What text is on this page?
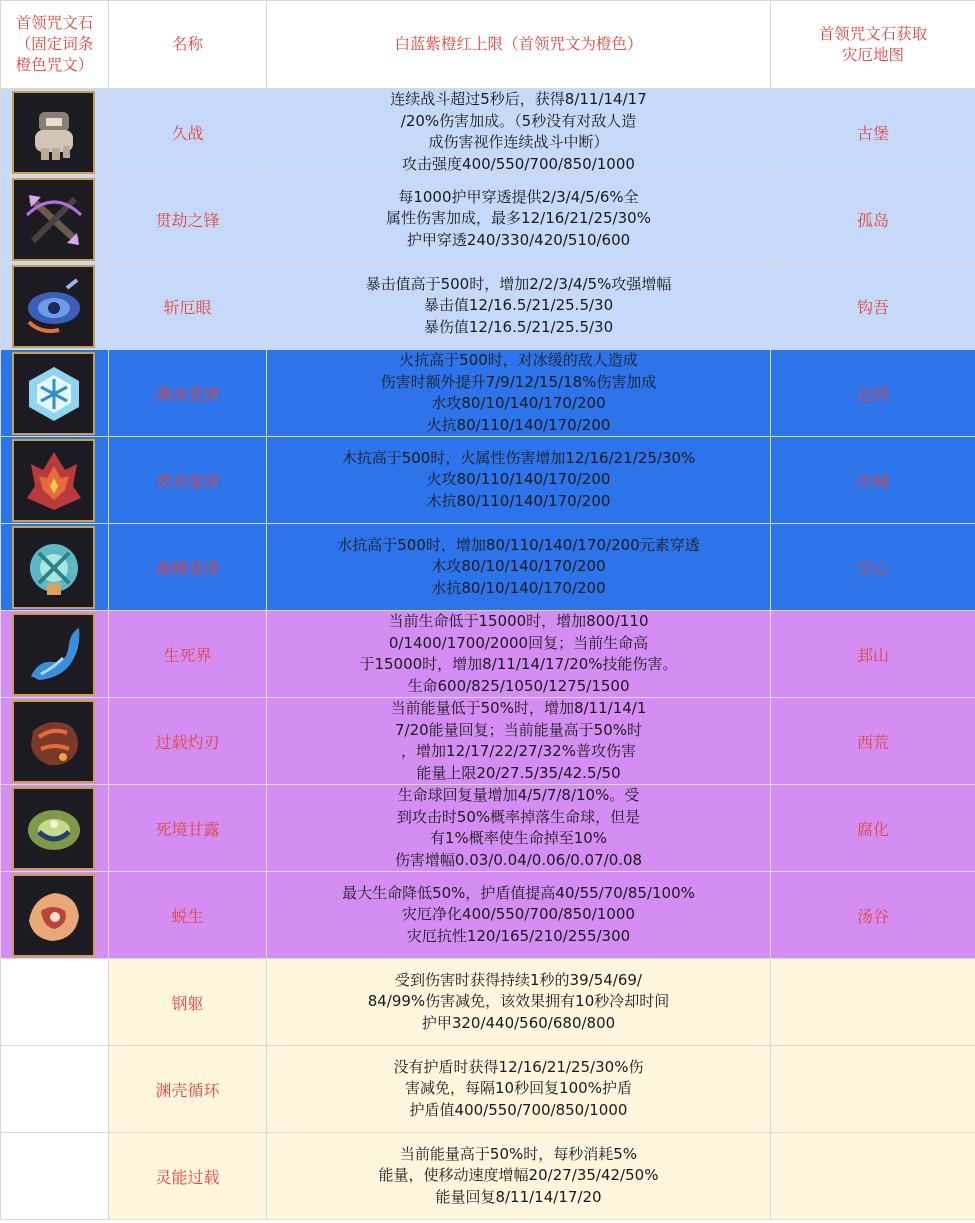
首领咒文石
（固定词条
橙色咒文）	名称	白蓝紫橙红上限（首领咒文为橙色）	首领咒文石获取
灾厄地图

	久战	连续战斗超过5秒后，获得8/11/14/17
/20%伤害加成。（5秒没有对敌人造
成伤害视作连续战斗中断）
攻击强度400/550/700/850/1000	古堡

	贯劫之锋	每1000护甲穿透提供2/3/4/5/6%全
属性伤害加成，最多12/16/21/25/30%
护甲穿透240/330/420/510/600	孤岛

	斩厄眼	暴击值高于500时，增加2/2/3/4/5%攻强增幅
暴击值12/16.5/21/25.5/30
暴伤值12/16.5/21/25.5/30	钩吾

	渊冰覚律	火抗高于500时，对冰缓的敌人造成
伤害时额外提升7/9/12/15/18%伤害加成
水攻80/10/140/170/200
火抗80/110/140/170/200	边菏

	焚炎覚律	木抗高于500时，火属性伤害增加12/16/21/25/30%
火攻80/110/140/170/200
木抗80/110/140/170/200	沙城

	森棘覚律	水抗高于500时，增加80/110/140/170/200元素穿透
木攻80/10/140/170/200
水抗80/10/140/170/200	空心

	生死界	当前生命低于15000时，增加800/110
0/1400/1700/2000回复；当前生命高
于15000时，增加8/11/14/17/20%技能伤害。
生命600/825/1050/1275/1500	邽山

	过载灼刃	当前能量低于50%时，增加8/11/14/1
7/20能量回复；当前能量高于50%时
，增加12/17/22/27/32%普攻伤害
能量上限20/27.5/35/42.5/50	西荒

	死境甘露	生命球回复量增加4/5/7/8/10%。受
到攻击时50%概率掉落生命球，但是
有1%概率使生命掉至10%
伤害增幅0.03/0.04/0.06/0.07/0.08	腐化

	蜕生	最大生命降低50%，护盾值提高40/55/70/85/100%
灾厄净化400/550/700/850/1000
灾厄抗性120/165/210/255/300	汤谷
	钢躯	受到伤害时获得持续1秒的39/54/69/
84/99%伤害减免，该效果拥有10秒冷却时间
护甲320/440/560/680/800	

	渊壳循环	没有护盾时获得12/16/21/25/30%伤
害减免，每隔10秒回复100%护盾
护盾值400/550/700/850/1000	

	灵能过载	当前能量高于50%时，每秒消耗5%
能量，使移动速度增幅20/27/35/42/50%
能量回复8/11/14/17/20	
